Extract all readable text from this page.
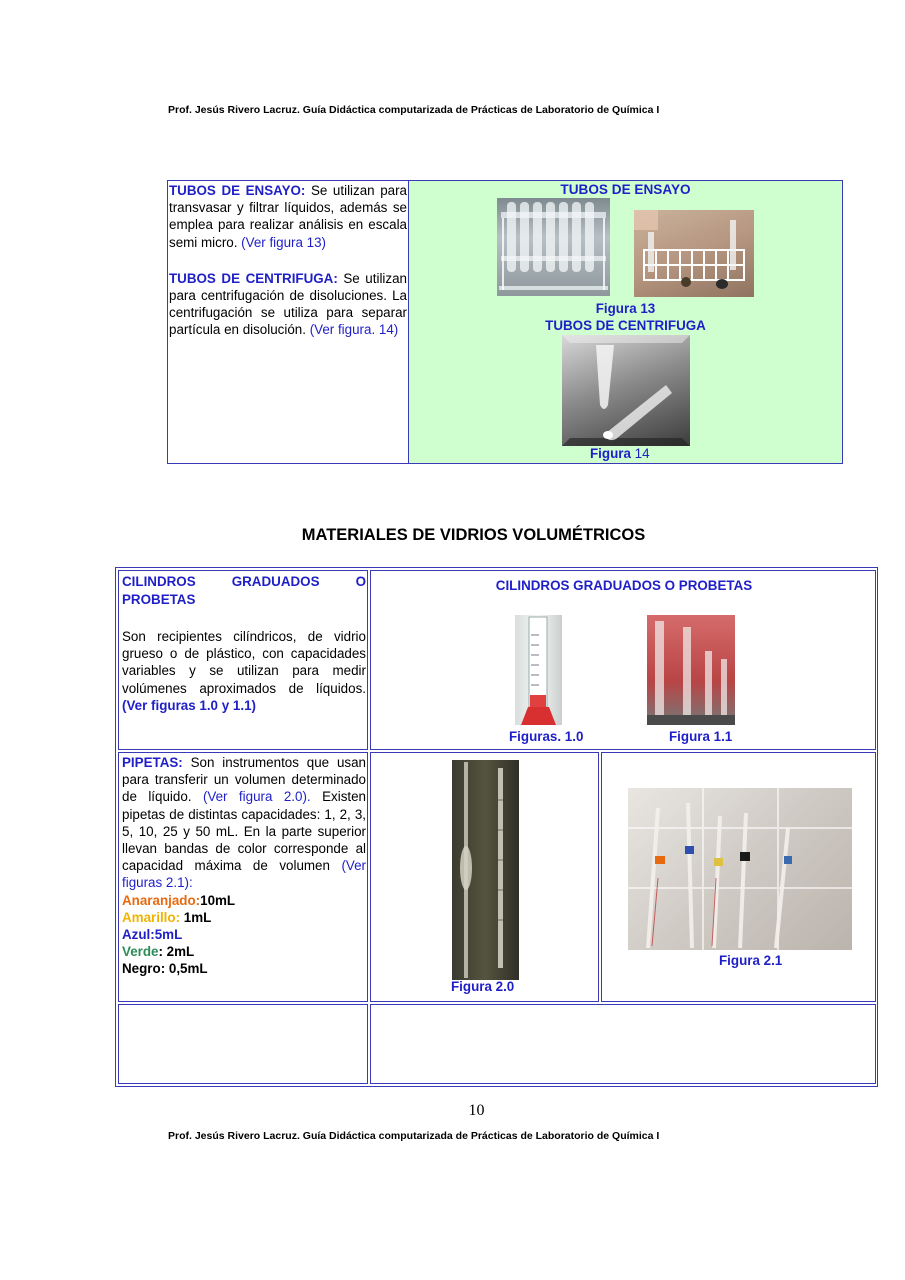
Prof. Jesús Rivero Lacruz. Guía Didáctica computarizada de Prácticas de Laboratorio de Química I
TUBOS DE ENSAYO: Se utilizan para transvasar y filtrar líquidos, además se emplea para realizar análisis en escala semi micro. (Ver figura 13)
TUBOS DE CENTRIFUGA: Se utilizan para centrifugación de disoluciones. La centrifugación se utiliza para separar partícula en disolución. (Ver figura. 14)
TUBOS DE ENSAYO
Figura 13
TUBOS DE CENTRIFUGA
Figura 14
MATERIALES DE VIDRIOS VOLUMÉTRICOS
CILINDROS GRADUADOS O PROBETAS
Son recipientes cilíndricos, de vidrio grueso o de plástico, con capacidades variables y se utilizan para medir volúmenes aproximados de líquidos. (Ver figuras 1.0 y 1.1)
CILINDROS GRADUADOS O PROBETAS
Figuras. 1.0	Figura 1.1
PIPETAS: Son instrumentos que usan para transferir un volumen determinado de líquido. (Ver figura 2.0). Existen pipetas de distintas capacidades: 1, 2, 3, 5, 10, 25 y 50 mL. En la parte superior llevan bandas de color corresponde al capacidad máxima de volumen (Ver figuras 2.1):
Anaranjado:10mL
Amarillo: 1mL
Azul:5mL
Verde: 2mL
Negro: 0,5mL
Figura 2.0
Figura 2.1
10
Prof. Jesús Rivero Lacruz. Guía Didáctica computarizada de Prácticas de Laboratorio de Química I
